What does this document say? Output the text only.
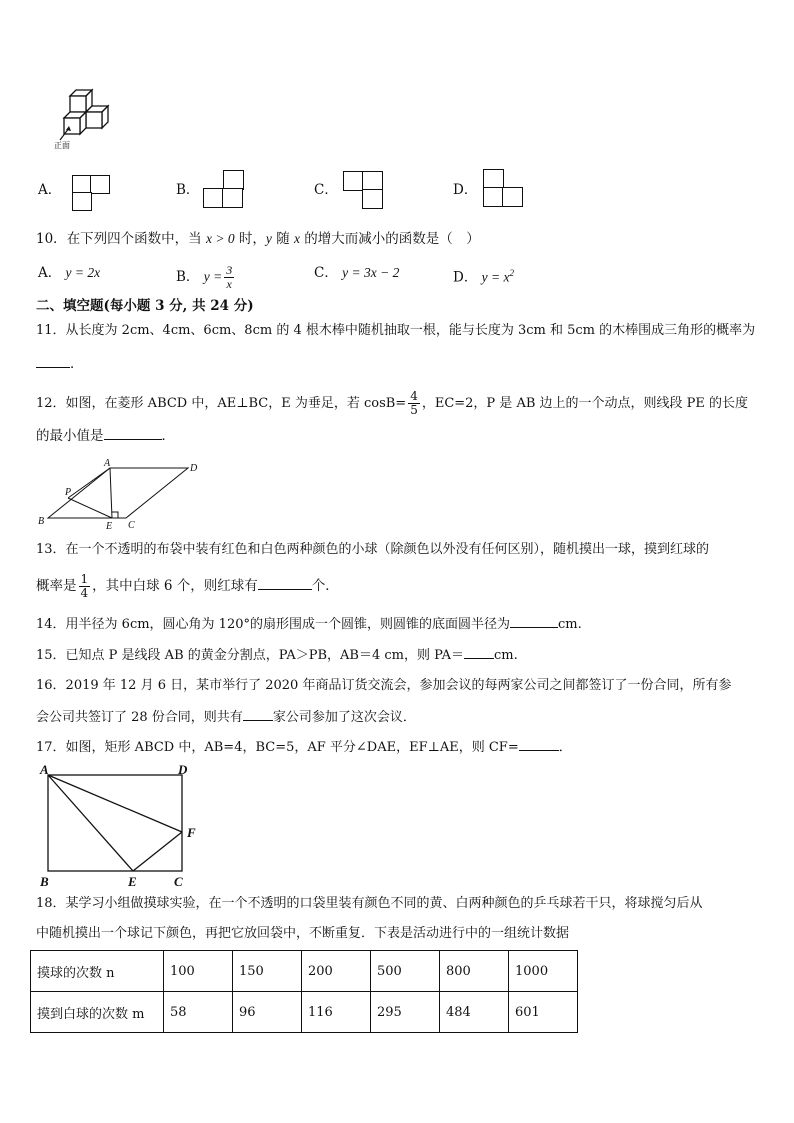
正面
A．	B．	C．	D．
10．在下列四个函数中，当 x > 0 时，y 随 x 的增大而减小的函数是（　）
A． y = 2x	B． $y = \frac{3}{x}$	C． y = 3x − 2	D． $y = x^2$
二、填空题(每小题 3 分, 共 24 分)
11．从长度为 2cm、4cm、6cm、8cm 的 4 根木棒中随机抽取一根，能与长度为 3cm 和 5cm 的木棒围成三角形的概率为
．
12．如图，在菱形 ABCD 中，AE⊥BC，E 为垂足，若 $\cos B= \frac{4}{5}$ ，EC=2，P 是 AB 边上的一个动点，则线段 PE 的长度
的最小值是	．
A
B	C
D
E
P
13．在一个不透明的布袋中装有红色和白色两种颜色的小球（除颜色以外没有任何区别），随机摸出一球，摸到红球的
概率是 $\frac{1}{4}$ ，其中白球 6 个，则红球有	个．
14．用半径为 6cm，圆心角为 120°的扇形围成一个圆锥，则圆锥的底面圆半径为	cm.
15．已知点 P 是线段 AB 的黄金分割点，PA＞PB，AB＝4 cm，则 PA＝ cm.
16．2019 年 12 月 6 日，某市举行了 2020 年商品订货交流会，参加会议的每两家公司之间都签订了一份合同，所有参
会公司共签订了 28 份合同，则共有 家公司参加了这次会议．
17．如图，矩形 ABCD 中，AB=4，BC=5，AF 平分∠DAE，EF⊥AE，则 CF=	．
A	D
B	C
E
F
18．某学习小组做摸球实验，在一个不透明的口袋里装有颜色不同的黄、白两种颜色的乒乓球若干只，将球搅匀后从
中随机摸出一个球记下颜色，再把它放回袋中，不断重复．下表是活动进行中的一组统计数据
摸球的次数 n	100	150	200	500	800	1000
摸到白球的次数 m	58	96	116	295	484	601
